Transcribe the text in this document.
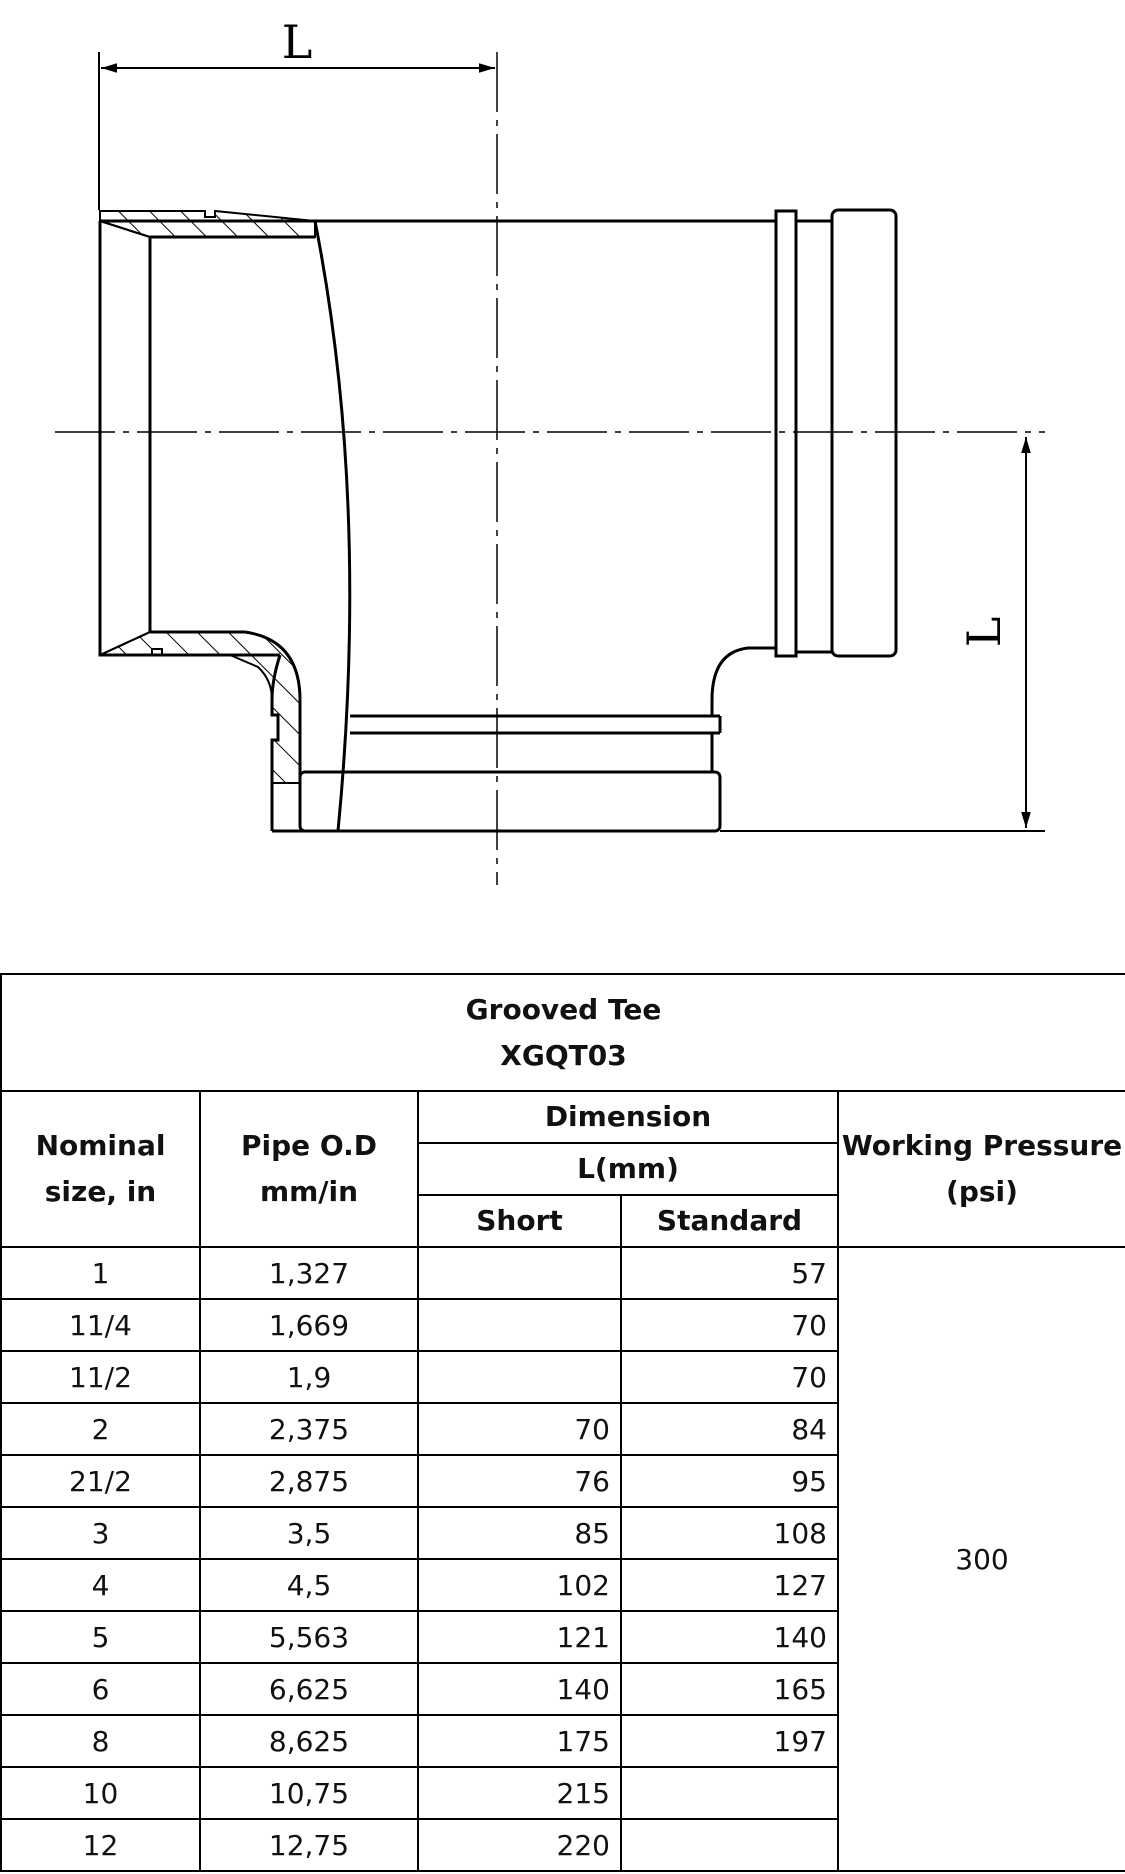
L
L
Grooved Tee
XGQT03				

Nominal size, in	Pipe O.D mm/in	Dimension		Working Pressure (psi)
		L(mm)		
		Short	Standard	
1	1,327		57	300
11/4	1,669		70	
11/2	1,9		70	
2	2,375	70	84	
21/2	2,875	76	95	
3	3,5	85	108	
4	4,5	102	127	
5	5,563	121	140	
6	6,625	140	165	
8	8,625	175	197	
10	10,75	215		
12	12,75	220		
